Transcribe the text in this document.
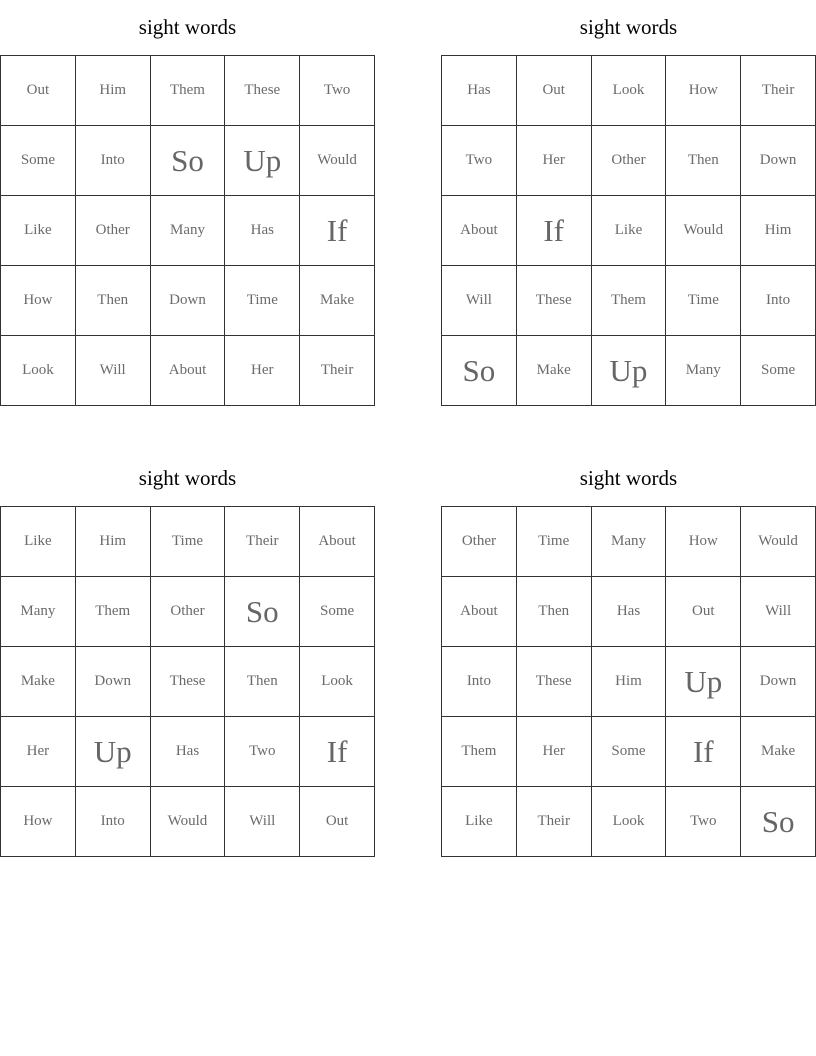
sight words
Out	Him	Them	These	Two
Some	Into	So	Up	Would
Like	Other	Many	Has	If
How	Then	Down	Time	Make
Look	Will	About	Her	Their
sight words
Has	Out	Look	How	Their
Two	Her	Other	Then	Down
About	If	Like	Would	Him
Will	These	Them	Time	Into
So	Make	Up	Many	Some
sight words
Like	Him	Time	Their	About
Many	Them	Other	So	Some
Make	Down	These	Then	Look
Her	Up	Has	Two	If
How	Into	Would	Will	Out
sight words
Other	Time	Many	How	Would
About	Then	Has	Out	Will
Into	These	Him	Up	Down
Them	Her	Some	If	Make
Like	Their	Look	Two	So
